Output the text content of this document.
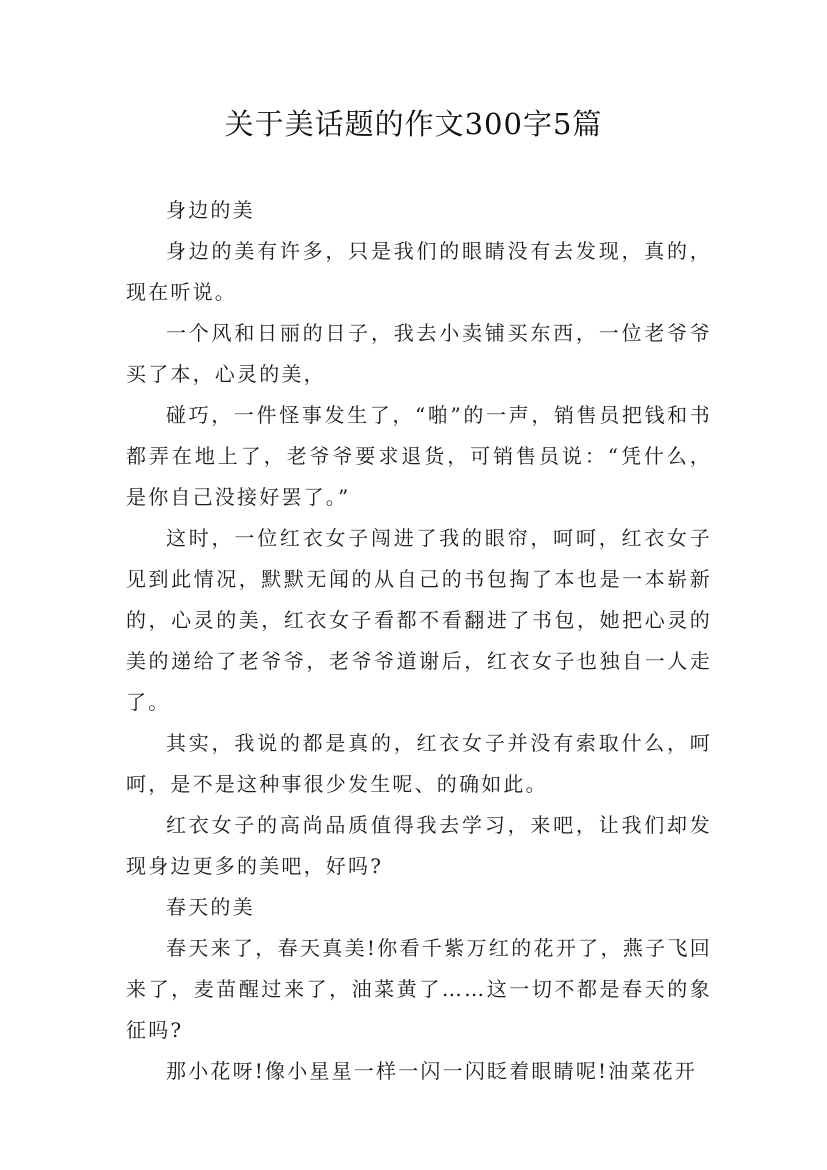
关于美话题的作文300字5篇

身边的美

身边的美有许多，只是我们的眼睛没有去发现，真的，现在听说。

一个风和日丽的日子，我去小卖铺买东西，一位老爷爷买了本，心灵的美，

碰巧，一件怪事发生了，“啪”的一声，销售员把钱和书都弄在地上了，老爷爷要求退货，可销售员说：“凭什么，是你自己没接好罢了。”

这时，一位红衣女子闯进了我的眼帘，呵呵，红衣女子见到此情况，默默无闻的从自己的书包掏了本也是一本崭新的，心灵的美，红衣女子看都不看翻进了书包，她把心灵的美的递给了老爷爷，老爷爷道谢后，红衣女子也独自一人走了。

其实，我说的都是真的，红衣女子并没有索取什么，呵呵，是不是这种事很少发生呢、的确如此。

红衣女子的高尚品质值得我去学习，来吧，让我们却发现身边更多的美吧，好吗?

春天的美

春天来了，春天真美!你看千紫万红的花开了，燕子飞回来了，麦苗醒过来了，油菜黄了……这一切不都是春天的象征吗?

那小花呀!像小星星一样一闪一闪眨着眼睛呢!油菜花开
